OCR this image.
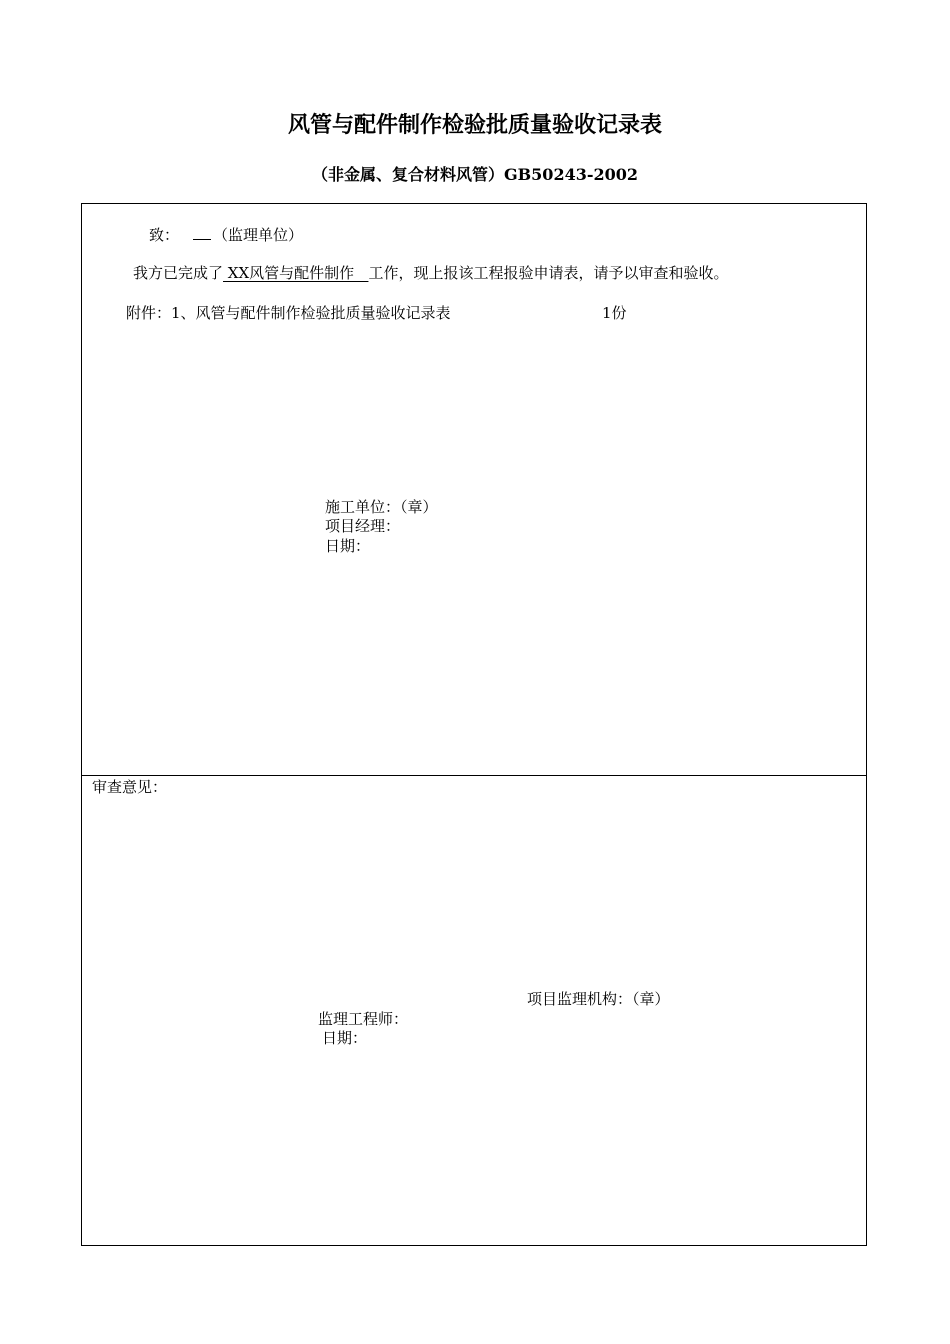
风管与配件制作检验批质量验收记录表
（非金属、复合材料风管）GB50243-2002
致： （监理单位）
我方已完成了 XX风管与配件制作   工作，现上报该工程报验申请表，请予以审查和验收。
附件：1、风管与配件制作检验批质量验收记录表	1份
施工单位：（章）
项目经理：
日期：
审查意见：
项目监理机构：（章）
监理工程师：
日期：
